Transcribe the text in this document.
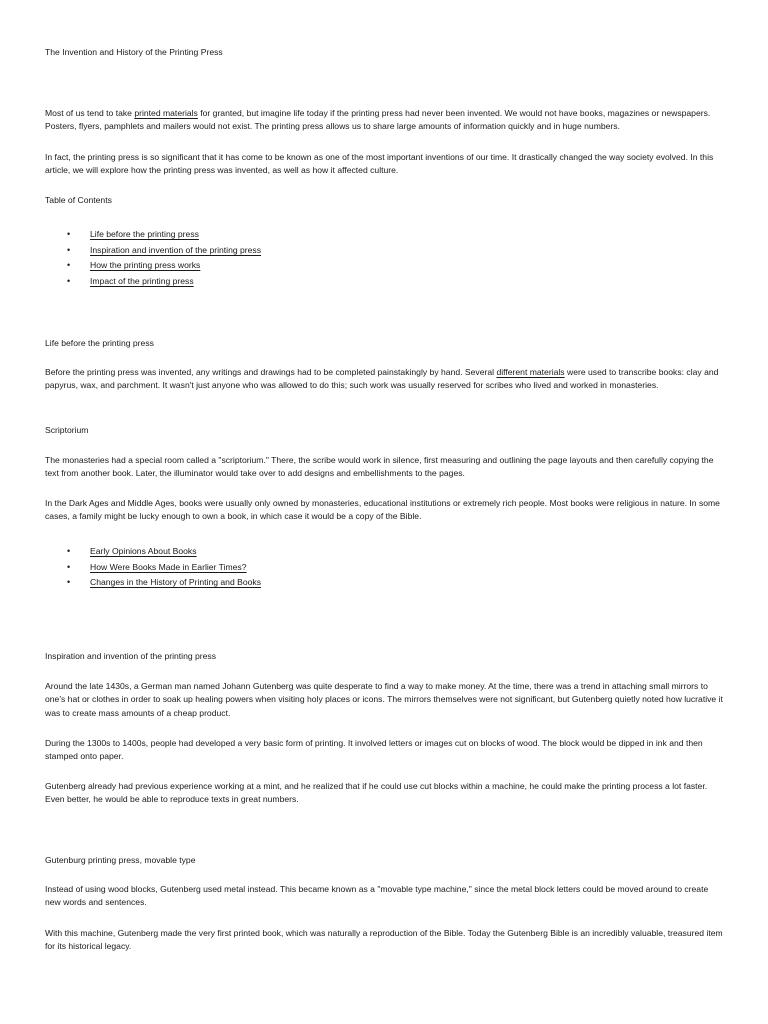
The Invention and History of the Printing Press

Most of us tend to take printed materials for granted, but imagine life today if the printing press had never been invented. We would not have books, magazines or newspapers. Posters, flyers, pamphlets and mailers would not exist. The printing press allows us to share large amounts of information quickly and in huge numbers.

In fact, the printing press is so significant that it has come to be known as one of the most important inventions of our time. It drastically changed the way society evolved. In this article, we will explore how the printing press was invented, as well as how it affected culture.

Table of Contents
• Life before the printing press
• Inspiration and invention of the printing press
• How the printing press works
• Impact of the printing press
Life before the printing press

Before the printing press was invented, any writings and drawings had to be completed painstakingly by hand. Several different materials were used to transcribe books: clay and papyrus, wax, and parchment. It wasn't just anyone who was allowed to do this; such work was usually reserved for scribes who lived and worked in monasteries.

Scriptorium

The monasteries had a special room called a "scriptorium." There, the scribe would work in silence, first measuring and outlining the page layouts and then carefully copying the text from another book. Later, the illuminator would take over to add designs and embellishments to the pages.

In the Dark Ages and Middle Ages, books were usually only owned by monasteries, educational institutions or extremely rich people. Most books were religious in nature. In some cases, a family might be lucky enough to own a book, in which case it would be a copy of the Bible.

• Early Opinions About Books
• How Were Books Made in Earlier Times?
• Changes in the History of Printing and Books
Inspiration and invention of the printing press

Around the late 1430s, a German man named Johann Gutenberg was quite desperate to find a way to make money. At the time, there was a trend in attaching small mirrors to one's hat or clothes in order to soak up healing powers when visiting holy places or icons. The mirrors themselves were not significant, but Gutenberg quietly noted how lucrative it was to create mass amounts of a cheap product.

During the 1300s to 1400s, people had developed a very basic form of printing. It involved letters or images cut on blocks of wood. The block would be dipped in ink and then stamped onto paper.

Gutenberg already had previous experience working at a mint, and he realized that if he could use cut blocks within a machine, he could make the printing process a lot faster. Even better, he would be able to reproduce texts in great numbers.

Gutenburg printing press, movable type

Instead of using wood blocks, Gutenberg used metal instead. This became known as a "movable type machine," since the metal block letters could be moved around to create new words and sentences.

With this machine, Gutenberg made the very first printed book, which was naturally a reproduction of the Bible. Today the Gutenberg Bible is an incredibly valuable, treasured item for its historical legacy.
